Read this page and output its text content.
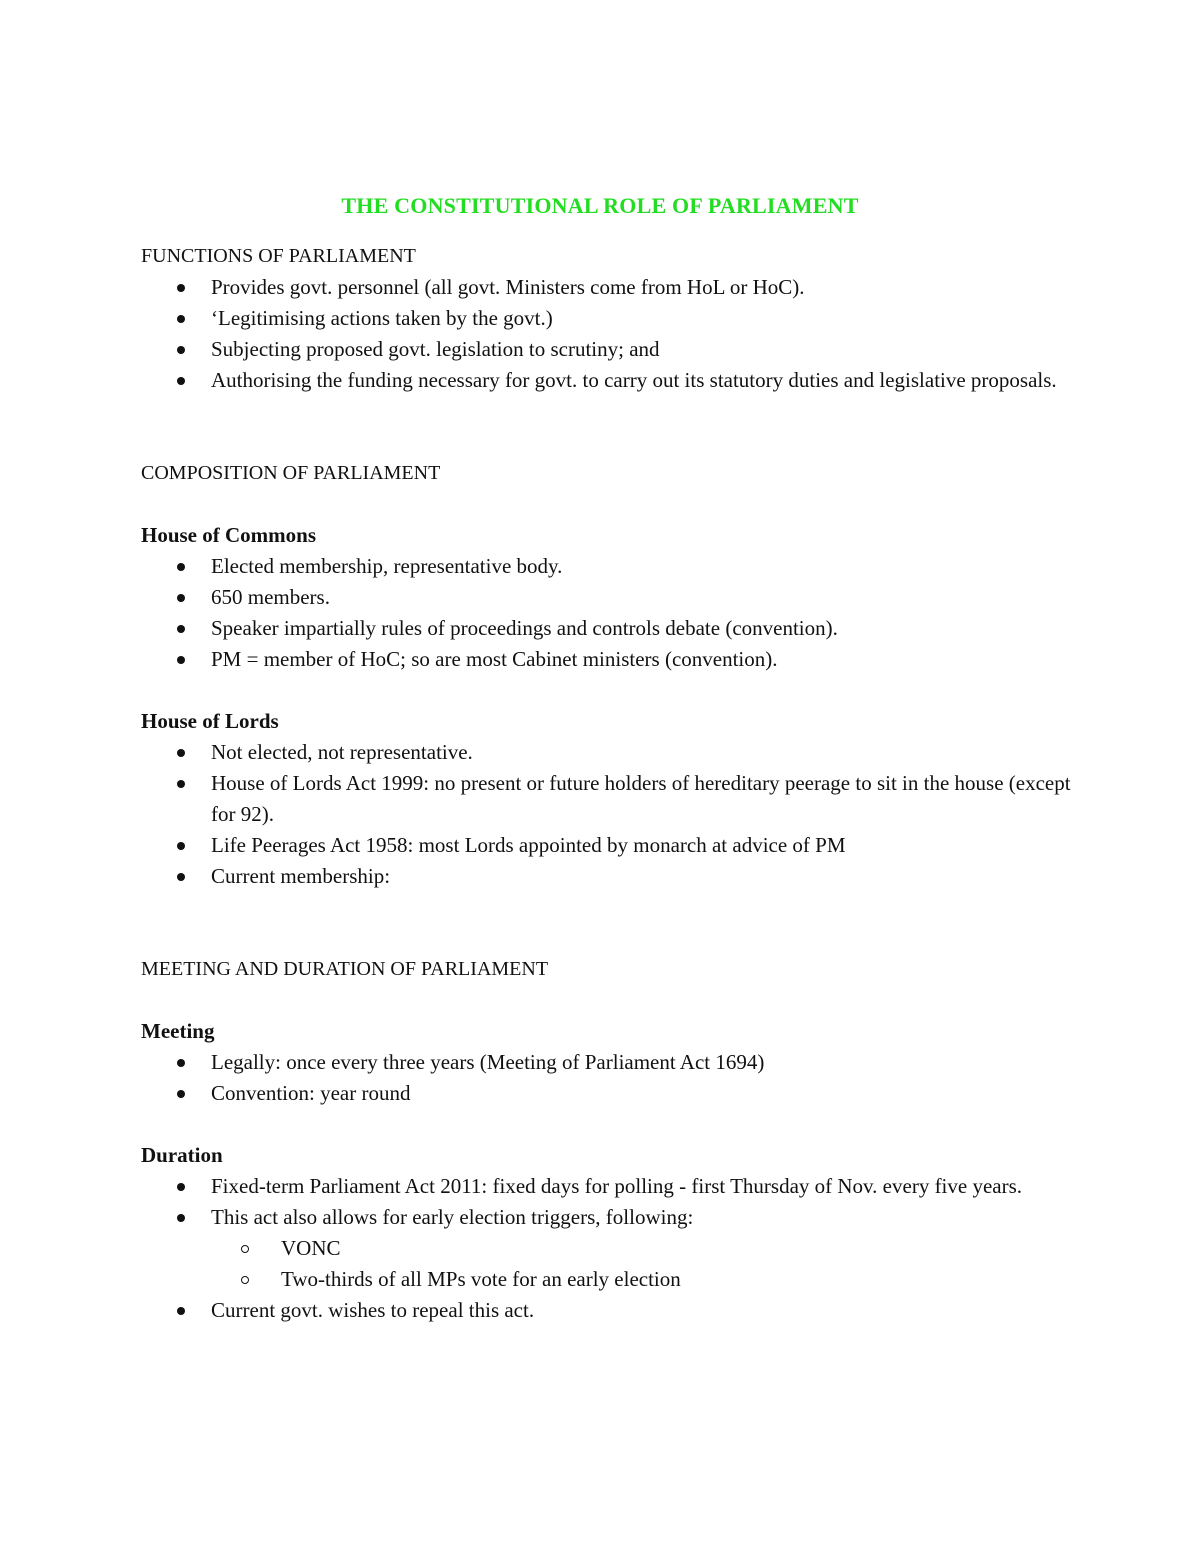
THE CONSTITUTIONAL ROLE OF PARLIAMENT
FUNCTIONS OF PARLIAMENT
Provides govt. personnel (all govt. Ministers come from HoL or HoC).
‘Legitimising actions taken by the govt.)
Subjecting proposed govt. legislation to scrutiny; and
Authorising the funding necessary for govt. to carry out its statutory duties and legislative proposals.
COMPOSITION OF PARLIAMENT
House of Commons
Elected membership, representative body.
650 members.
Speaker impartially rules of proceedings and controls debate (convention).
PM = member of HoC; so are most Cabinet ministers (convention).
House of Lords
Not elected, not representative.
House of Lords Act 1999: no present or future holders of hereditary peerage to sit in the house (except for 92).
Life Peerages Act 1958: most Lords appointed by monarch at advice of PM
Current membership:
MEETING AND DURATION OF PARLIAMENT
Meeting
Legally: once every three years (Meeting of Parliament Act 1694)
Convention: year round
Duration
Fixed-term Parliament Act 2011: fixed days for polling - first Thursday of Nov. every five years.
This act also allows for early election triggers, following:
VONC
Two-thirds of all MPs vote for an early election
Current govt. wishes to repeal this act.
